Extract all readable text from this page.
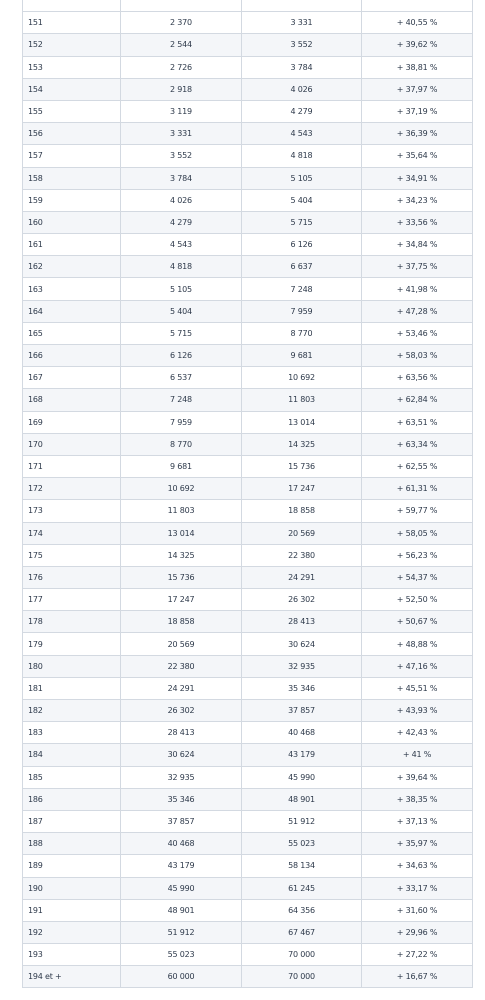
151	2 370	3 331	+ 40,55 %
152	2 544	3 552	+ 39,62 %
153	2 726	3 784	+ 38,81 %
154	2 918	4 026	+ 37,97 %
155	3 119	4 279	+ 37,19 %
156	3 331	4 543	+ 36,39 %
157	3 552	4 818	+ 35,64 %
158	3 784	5 105	+ 34,91 %
159	4 026	5 404	+ 34,23 %
160	4 279	5 715	+ 33,56 %
161	4 543	6 126	+ 34,84 %
162	4 818	6 637	+ 37,75 %
163	5 105	7 248	+ 41,98 %
164	5 404	7 959	+ 47,28 %
165	5 715	8 770	+ 53,46 %
166	6 126	9 681	+ 58,03 %
167	6 537	10 692	+ 63,56 %
168	7 248	11 803	+ 62,84 %
169	7 959	13 014	+ 63,51 %
170	8 770	14 325	+ 63,34 %
171	9 681	15 736	+ 62,55 %
172	10 692	17 247	+ 61,31 %
173	11 803	18 858	+ 59,77 %
174	13 014	20 569	+ 58,05 %
175	14 325	22 380	+ 56,23 %
176	15 736	24 291	+ 54,37 %
177	17 247	26 302	+ 52,50 %
178	18 858	28 413	+ 50,67 %
179	20 569	30 624	+ 48,88 %
180	22 380	32 935	+ 47,16 %
181	24 291	35 346	+ 45,51 %
182	26 302	37 857	+ 43,93 %
183	28 413	40 468	+ 42,43 %
184	30 624	43 179	+ 41 %
185	32 935	45 990	+ 39,64 %
186	35 346	48 901	+ 38,35 %
187	37 857	51 912	+ 37,13 %
188	40 468	55 023	+ 35,97 %
189	43 179	58 134	+ 34,63 %
190	45 990	61 245	+ 33,17 %
191	48 901	64 356	+ 31,60 %
192	51 912	67 467	+ 29,96 %
193	55 023	70 000	+ 27,22 %
194 et +	60 000	70 000	+ 16,67 %
